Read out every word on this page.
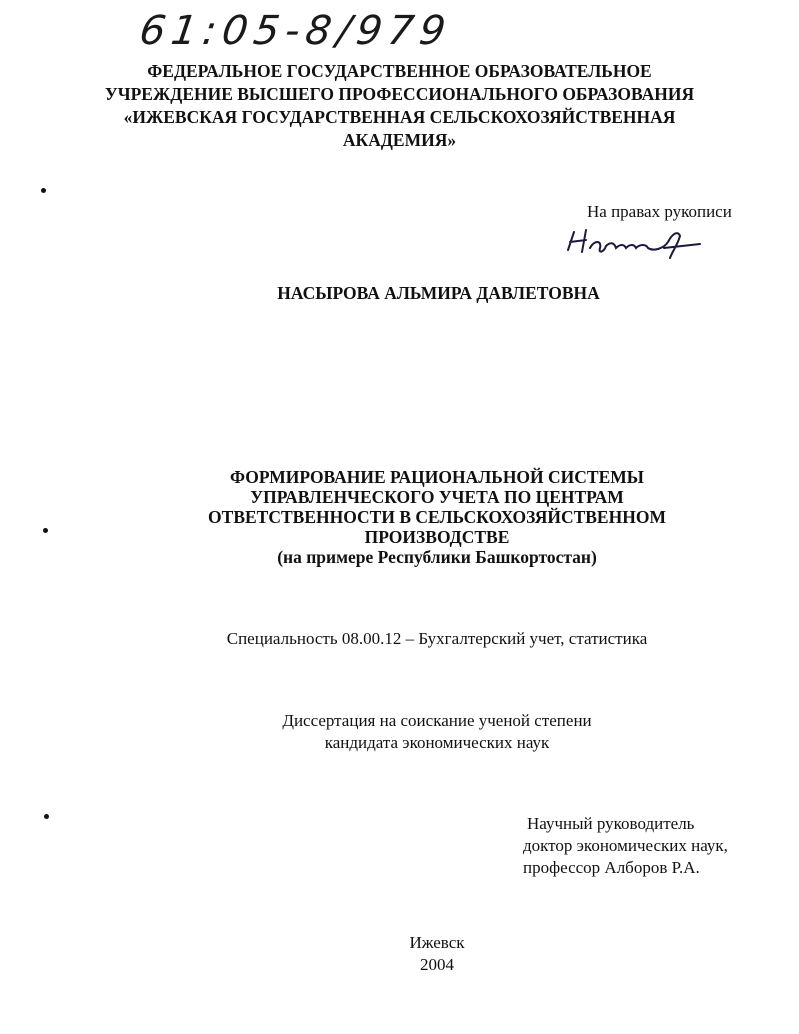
61:05-8/979
ФЕДЕРАЛЬНОЕ ГОСУДАРСТВЕННОЕ ОБРАЗОВАТЕЛЬНОЕ
УЧРЕЖДЕНИЕ ВЫСШЕГО ПРОФЕССИОНАЛЬНОГО ОБРАЗОВАНИЯ
«ИЖЕВСКАЯ ГОСУДАРСТВЕННАЯ СЕЛЬСКОХОЗЯЙСТВЕННАЯ
АКАДЕМИЯ»
На правах рукописи
НАСЫРОВА АЛЬМИРА ДАВЛЕТОВНА
ФОРМИРОВАНИЕ РАЦИОНАЛЬНОЙ СИСТЕМЫ
УПРАВЛЕНЧЕСКОГО УЧЕТА ПО ЦЕНТРАМ
ОТВЕТСТВЕННОСТИ В СЕЛЬСКОХОЗЯЙСТВЕННОМ
ПРОИЗВОДСТВЕ
(на примере Республики Башкортостан)
Специальность 08.00.12 – Бухгалтерский учет, статистика
Диссертация на соискание ученой степени
кандидата экономических наук
Научный руководитель
доктор экономических наук,
профессор Алборов Р.А.
Ижевск
2004
